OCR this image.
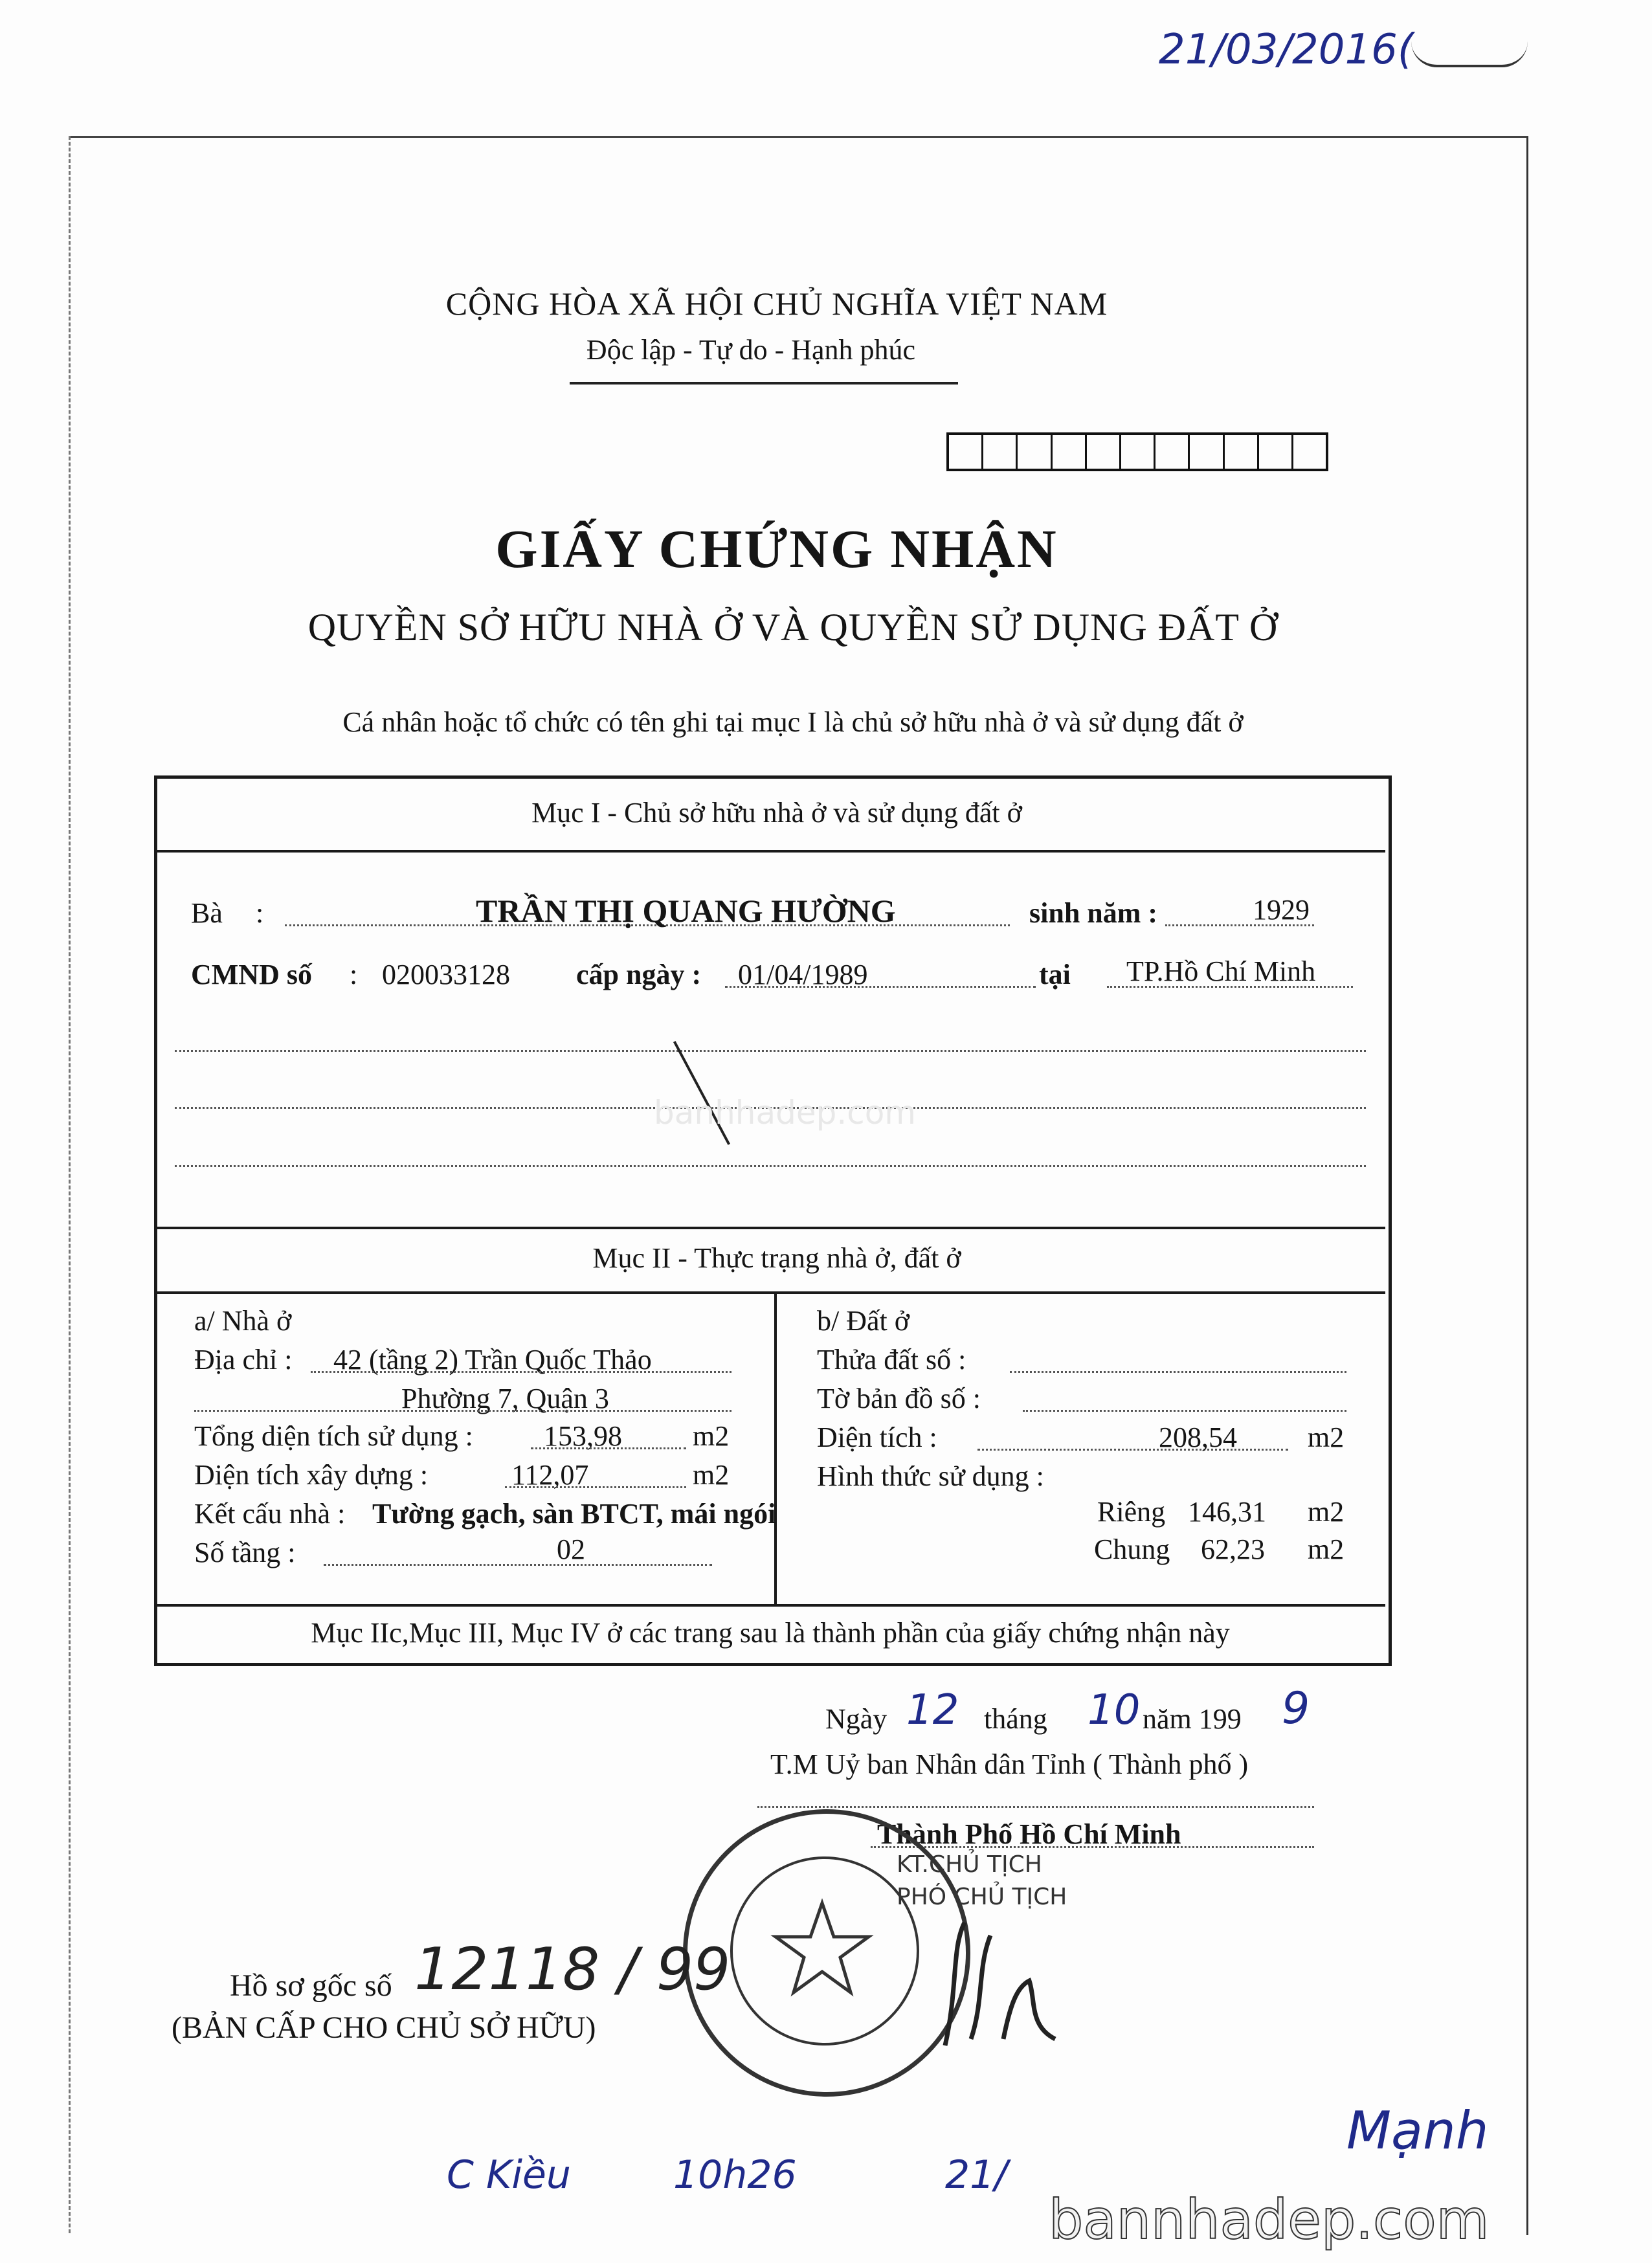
21/03/2016(
CỘNG HÒA XÃ HỘI CHỦ NGHĨA VIỆT NAM
Độc lập - Tự do - Hạnh phúc
GIẤY CHỨNG NHẬN
QUYỀN SỞ HỮU NHÀ Ở VÀ QUYỀN SỬ DỤNG ĐẤT Ở
Cá nhân hoặc tổ chức có tên ghi tại mục I là chủ sở hữu nhà ở và sử dụng đất ở
Mục I - Chủ sở hữu nhà ở và sử dụng đất ở
Bà :	TRẦN THỊ QUANG HƯỜNG	sinh năm :	1929
CMND số : 020033128 cấp ngày : 01/04/1989	tại TP.Hồ Chí Minh
banhhadep.com
Mục II - Thực trạng nhà ở, đất ở
a/ Nhà ở
Địa chỉ : 42 (tầng 2) Trần Quốc Thảo
Phường 7, Quận 3
Tổng diện tích sử dụng : 153,98 m2
Diện tích xây dựng :	112,07	m2
Kết cấu nhà : Tường gạch, sàn BTCT, mái ngói
Số tầng :	02
b/ Đất ở
Thửa đất số :
Tờ bản đồ số :
Diện tích :	208,54 m2
Hình thức sử dụng :
Riêng 146,31 m2
Chung 62,23 m2
Mục IIc,Mục III, Mục IV ở các trang sau là thành phần của giấy chứng nhận này
Ngày 12 tháng 10 năm 199 9
T.M Uỷ ban Nhân dân Tỉnh ( Thành phố )
Thành Phố Hồ Chí Minh
KT.CHỦ TỊCH
PHÓ CHỦ TỊCH
Hồ sơ gốc số 12118 / 99
(BẢN CẤP CHO CHỦ SỞ HỮU)
C Kiều	10h26	21/
Mạnh
bannhadep.com
